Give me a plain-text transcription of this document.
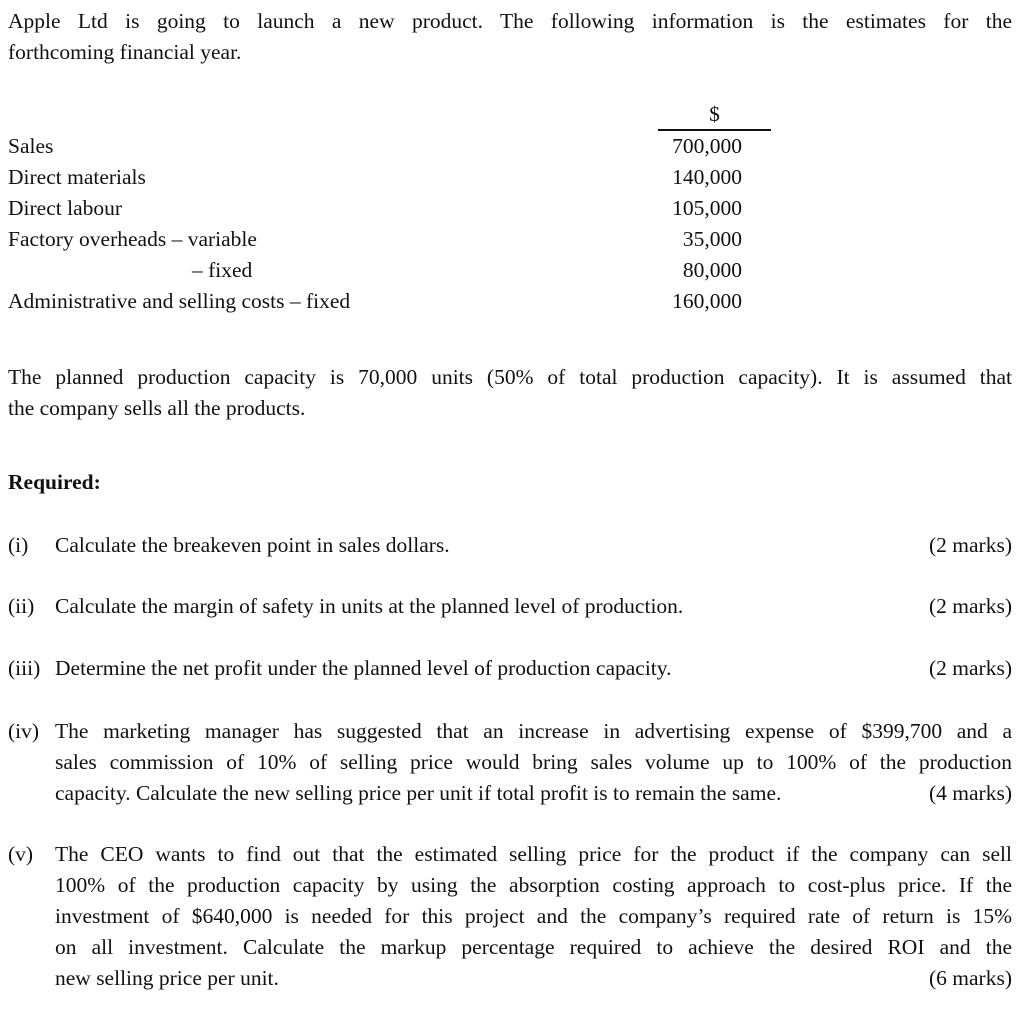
Apple Ltd is going to launch a new product. The following information is the estimates for the
forthcoming financial year.
$
Sales	700,000
Direct materials	140,000
Direct labour	105,000
Factory overheads – variable	35,000
– fixed	80,000
Administrative and selling costs – fixed	160,000
The planned production capacity is 70,000 units (50% of total production capacity). It is assumed that
the company sells all the products.
Required:
(i) Calculate the breakeven point in sales dollars.	(2 marks)
(ii) Calculate the margin of safety in units at the planned level of production.	(2 marks)
(iii) Determine the net profit under the planned level of production capacity.	(2 marks)
(iv) The marketing manager has suggested that an increase in advertising expense of $399,700 and a
sales commission of 10% of selling price would bring sales volume up to 100% of the production
capacity. Calculate the new selling price per unit if total profit is to remain the same.	(4 marks)
(v) The CEO wants to find out that the estimated selling price for the product if the company can sell
100% of the production capacity by using the absorption costing approach to cost-plus price. If the
investment of $640,000 is needed for this project and the company’s required rate of return is 15%
on all investment. Calculate the markup percentage required to achieve the desired ROI and the
new selling price per unit.	(6 marks)
